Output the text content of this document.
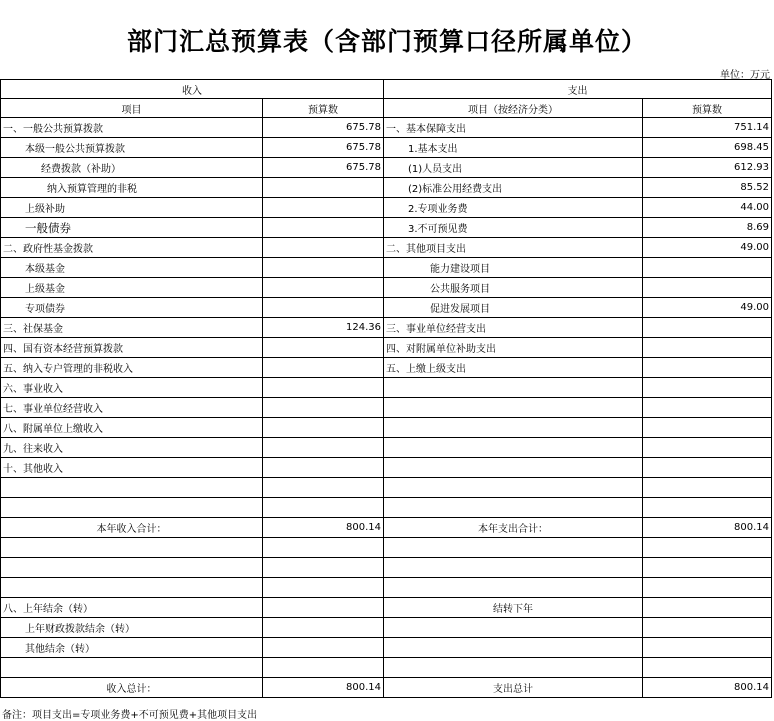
部门汇总预算表（含部门预算口径所属单位）
单位：万元
收入		支出	
项目	预算数	项目（按经济分类）	预算数
一、一般公共预算拨款	675.78	一、基本保障支出	751.14
本级一般公共预算拨款	675.78	1.基本支出	698.45
经费拨款（补助）	675.78	(1)人员支出	612.93
纳入预算管理的非税		(2)标准公用经费支出	85.52
上级补助		2.专项业务费	44.00
一般债券		3.不可预见费	8.69
二、政府性基金拨款		二、其他项目支出	49.00
本级基金		能力建设项目	
上级基金		公共服务项目	
专项债券		促进发展项目	49.00
三、社保基金	124.36	三、事业单位经营支出	
四、国有资本经营预算拨款		四、对附属单位补助支出	
五、纳入专户管理的非税收入		五、上缴上级支出	
六、事业收入			
七、事业单位经营收入			
八、附属单位上缴收入			
九、往来收入			
十、其他收入			

本年收入合计：	800.14	本年支出合计：	800.14

八、上年结余（转）		结转下年	
上年财政拨款结余（转）			
其他结余（转）			

收入总计：	800.14	支出总计	800.14
备注：项目支出=专项业务费+不可预见费+其他项目支出
